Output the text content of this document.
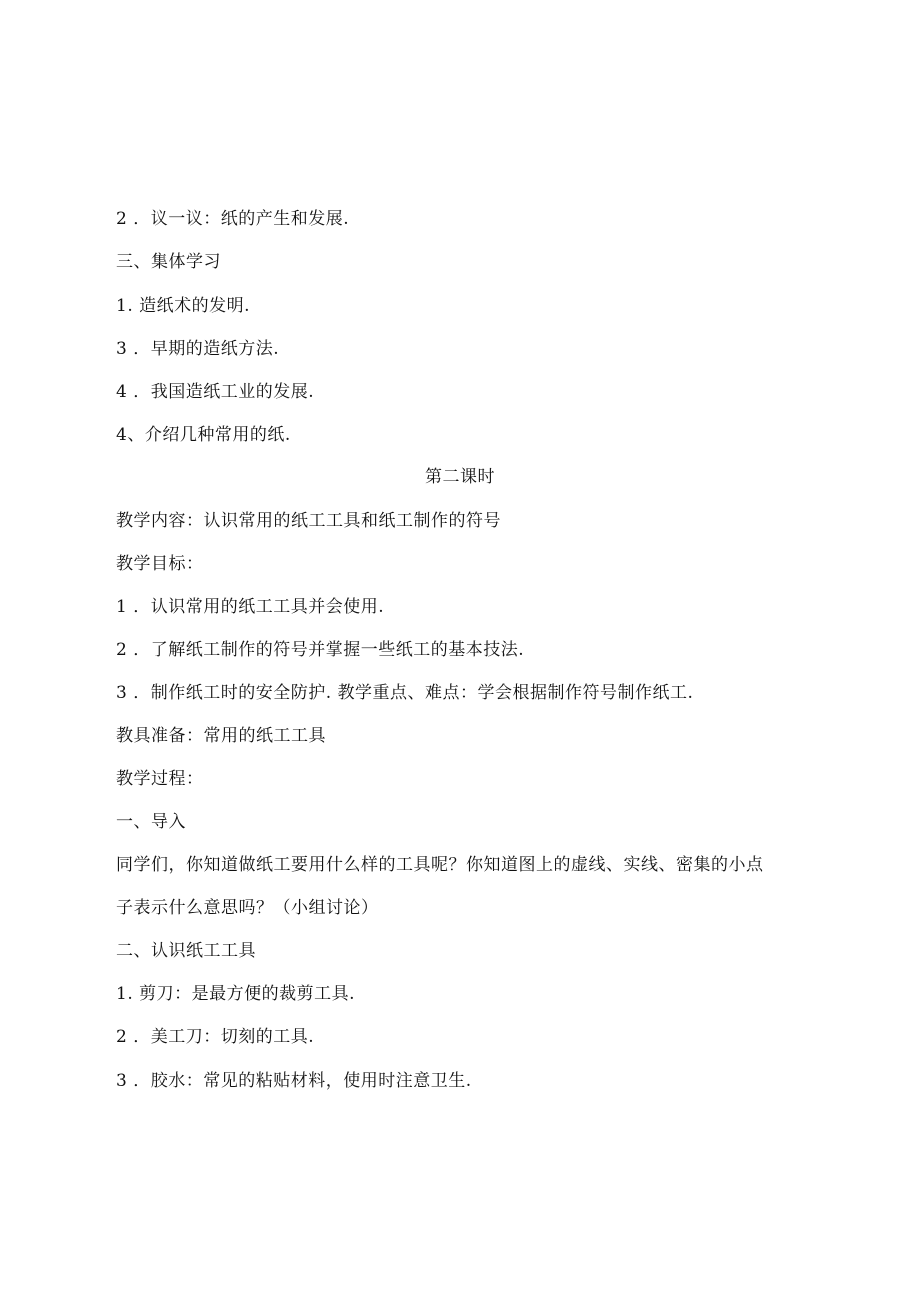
2 ．议一议：纸的产生和发展.
三、集体学习
1. 造纸术的发明.
3 ．早期的造纸方法.
4 ．我国造纸工业的发展.
4、介绍几种常用的纸.
第二课时
教学内容：认识常用的纸工工具和纸工制作的符号
教学目标：
1 ．认识常用的纸工工具并会使用.
2 ．了解纸工制作的符号并掌握一些纸工的基本技法.
3 ．制作纸工时的安全防护. 教学重点、难点：学会根据制作符号制作纸工.
教具准备：常用的纸工工具
教学过程：
一、导入
同学们，你知道做纸工要用什么样的工具呢？你知道图上的虚线、实线、密集的小点
子表示什么意思吗？（小组讨论）
二、认识纸工工具
1. 剪刀：是最方便的裁剪工具.
2 ．美工刀：切刻的工具.
3 ．胶水：常见的粘贴材料，使用时注意卫生.
